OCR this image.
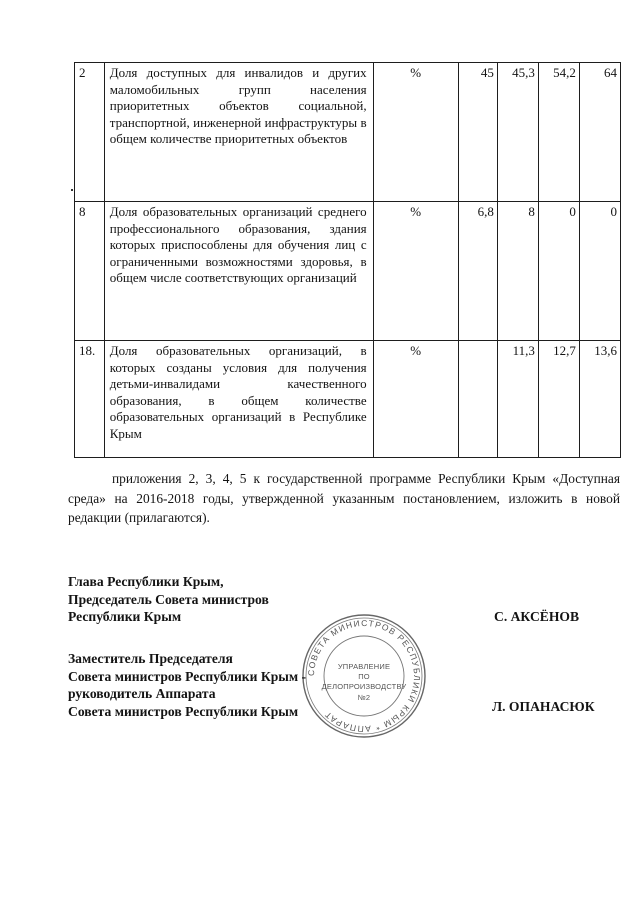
2	Доля доступных для инвалидов и других маломобильных групп населения приоритетных объектов социальной, транспортной, инженерной инфраструктуры в общем количестве приоритетных объектов	%	45	45,3	54,2	64
8	Доля образовательных организаций среднего профессионального образования, здания которых приспособлены для обучения лиц с ограниченными возможностями здоровья, в общем числе соответствующих организаций	%	6,8	8	0	0
18.	Доля образовательных организаций, в которых созданы условия для получения детьми-инвалидами качественного образования, в общем количестве образовательных организаций в Республике Крым	%		11,3	12,7	13,6

приложения 2, 3, 4, 5 к государственной программе Республики Крым «Доступная среда» на 2016-2018 годы, утвержденной указанным постановлением, изложить в новой редакции (прилагаются).

Глава Республики Крым,
Председатель Совета министров
Республики Крым	С. АКСЁНОВ
СОВЕТА МИНИСТРОВ РЕСПУБЛИКИ КРЫМ * АППАРАТ
УПРАВЛЕНИЕ
ПО
ДЕЛОПРОИЗВОДСТВУ
№2
Заместитель Председателя
Совета министров Республики Крым -
руководитель Аппарата
Совета министров Республики Крым	Л. ОПАНАСЮК
